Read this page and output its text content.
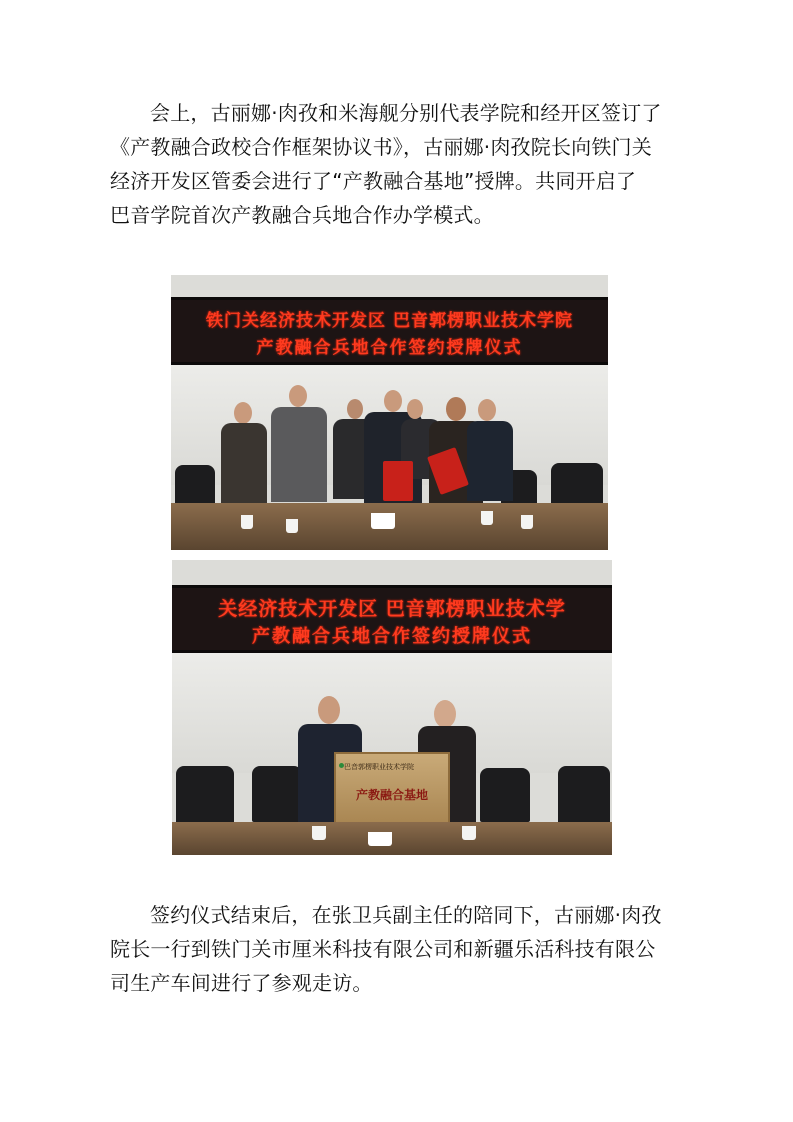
会上，古丽娜·肉孜和米海舰分别代表学院和经开区签订了

《产教融合政校合作框架协议书》，古丽娜·肉孜院长向铁门关

经济开发区管委会进行了“产教融合基地”授牌。共同开启了

巴音学院首次产教融合兵地合作办学模式。

铁门关经济技术开发区 巴音郭楞职业技术学院
产教融合兵地合作签约授牌仪式
关经济技术开发区 巴音郭楞职业技术学
产教融合兵地合作签约授牌仪式
巴音郭楞职业技术学院
产教融合基地

签约仪式结束后，在张卫兵副主任的陪同下，古丽娜·肉孜

院长一行到铁门关市厘米科技有限公司和新疆乐活科技有限公

司生产车间进行了参观走访。
